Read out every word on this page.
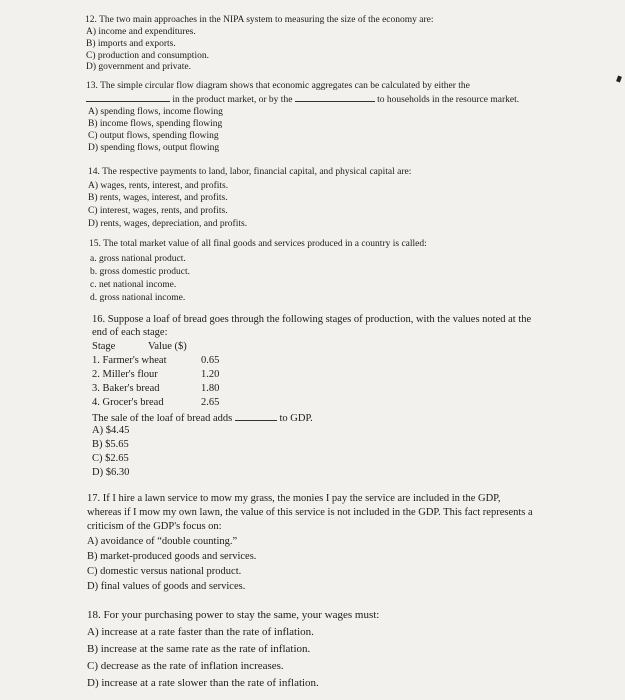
12. The two main approaches in the NIPA system to measuring the size of the economy are:
A) income and expenditures.
B) imports and exports.
C) production and consumption.
D) government and private.
13. The simple circular flow diagram shows that economic aggregates can be calculated by either the
in the product market, or by the	to households in the resource market.
A) spending flows, income flowing
B) income flows, spending flowing
C) output flows, spending flowing
D) spending flows, output flowing
14. The respective payments to land, labor, financial capital, and physical capital are:
A) wages, rents, interest, and profits.
B) rents, wages, interest, and profits.
C) interest, wages, rents, and profits.
D) rents, wages, depreciation, and profits.
15. The total market value of all final goods and services produced in a country is called:
a. gross national product.
b. gross domestic product.
c. net national income.
d. gross national income.
16. Suppose a loaf of bread goes through the following stages of production, with the values noted at the
end of each stage:
Stage	Value ($)
1. Farmer's wheat	0.65
2. Miller's flour	1.20
3. Baker's bread	1.80
4. Grocer's bread	2.65
The sale of the loaf of bread adds	to GDP.
A) $4.45
B) $5.65
C) $2.65
D) $6.30
17. If I hire a lawn service to mow my grass, the monies I pay the service are included in the GDP,
whereas if I mow my own lawn, the value of this service is not included in the GDP. This fact represents a
criticism of the GDP's focus on:
A) avoidance of “double counting.”
B) market-produced goods and services.
C) domestic versus national product.
D) final values of goods and services.
18. For your purchasing power to stay the same, your wages must:
A) increase at a rate faster than the rate of inflation.
B) increase at the same rate as the rate of inflation.
C) decrease as the rate of inflation increases.
D) increase at a rate slower than the rate of inflation.
